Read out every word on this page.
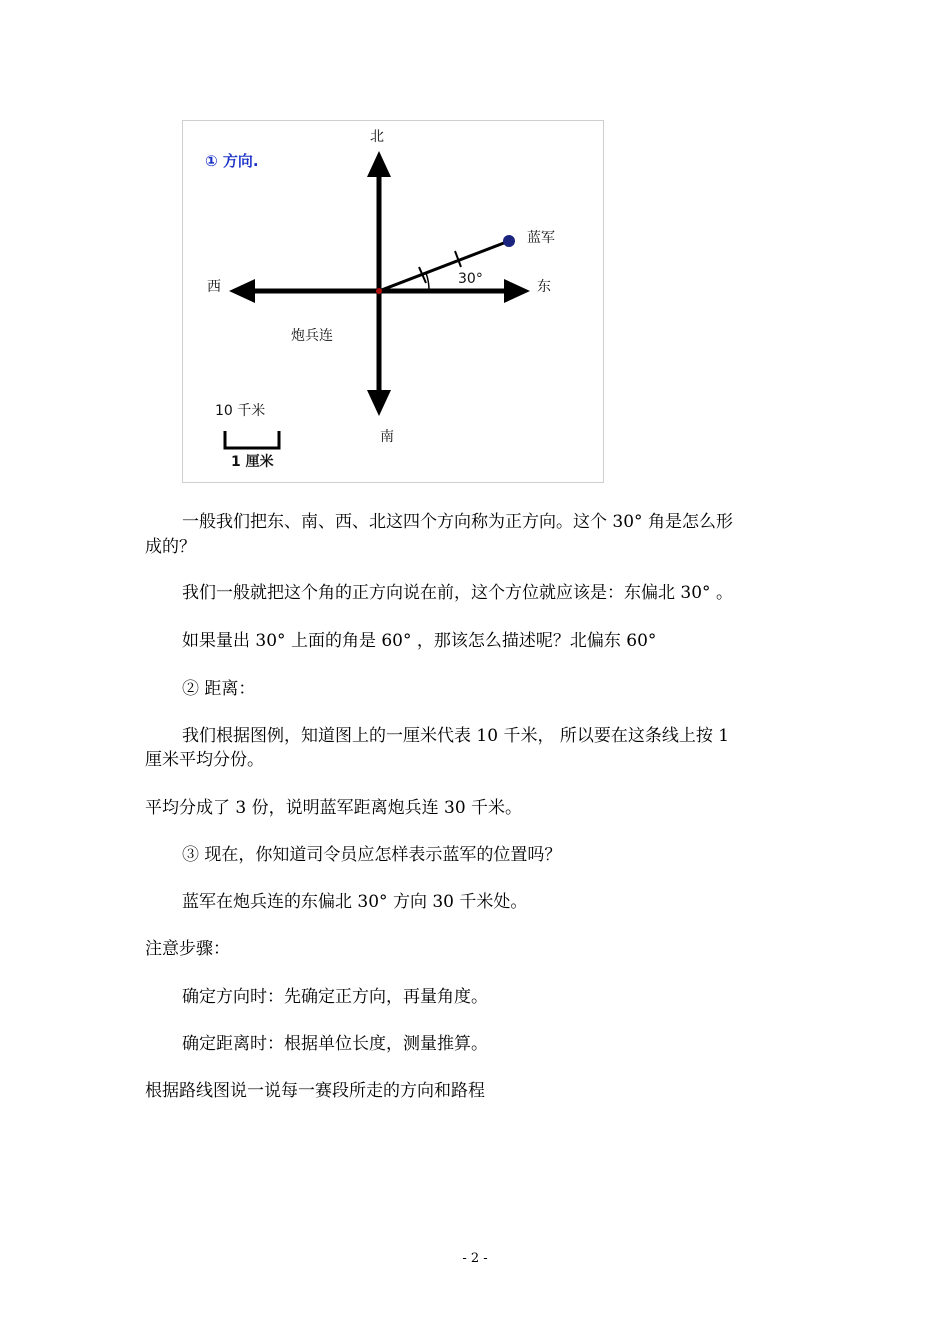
① 方向.
北
南
西	东
蓝军
30°
炮兵连
10 千米
1 厘米
一般我们把东、南、西、北这四个方向称为正方向。这个 30° 角是怎么形
成的？
我们一般就把这个角的正方向说在前，这个方位就应该是：东偏北 30° 。
如果量出 30° 上面的角是 60° ，那该怎么描述呢？北偏东 60°
② 距离：
我们根据图例，知道图上的一厘米代表 10 千米， 所以要在这条线上按 1
厘米平均分份。
平均分成了 3 份，说明蓝军距离炮兵连 30 千米。
③ 现在，你知道司令员应怎样表示蓝军的位置吗？
蓝军在炮兵连的东偏北 30° 方向 30 千米处。
注意步骤：
确定方向时：先确定正方向，再量角度。
确定距离时：根据单位长度，测量推算。
根据路线图说一说每一赛段所走的方向和路程
- 2 -
